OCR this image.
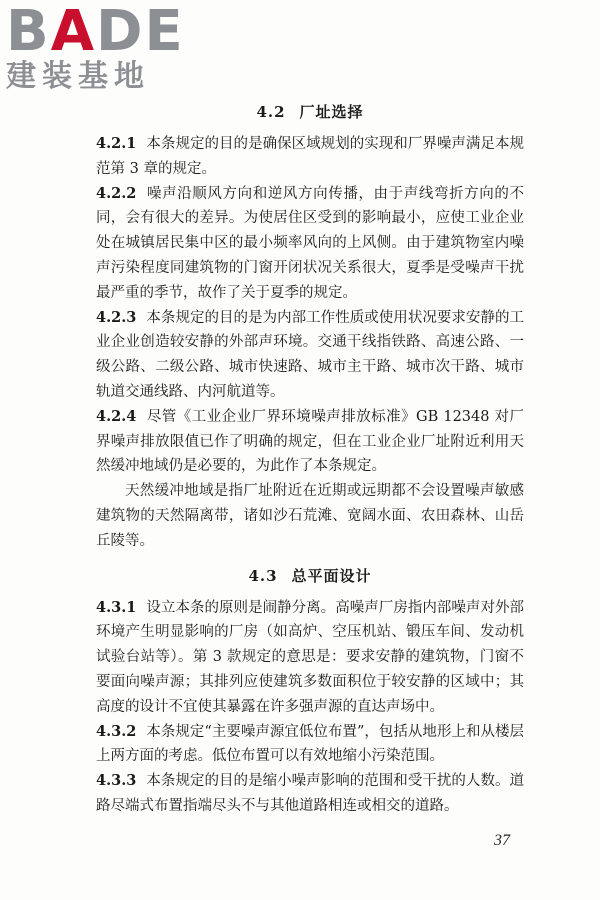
B A D E
建装基地
4.2 厂址选择

4.2.1 本条规定的目的是确保区域规划的实现和厂界噪声满足本规范第 3 章的规定。

4.2.2 噪声沿顺风方向和逆风方向传播，由于声线弯折方向的不同，会有很大的差异。为使居住区受到的影响最小，应使工业企业处在城镇居民集中区的最小频率风向的上风侧。由于建筑物室内噪声污染程度同建筑物的门窗开闭状况关系很大，夏季是受噪声干扰最严重的季节，故作了关于夏季的规定。

4.2.3 本条规定的目的是为内部工作性质或使用状况要求安静的工业企业创造较安静的外部声环境。交通干线指铁路、高速公路、一级公路、二级公路、城市快速路、城市主干路、城市次干路、城市轨道交通线路、内河航道等。

4.2.4 尽管《工业企业厂界环境噪声排放标准》GB 12348 对厂界噪声排放限值已作了明确的规定，但在工业企业厂址附近利用天然缓冲地域仍是必要的，为此作了本条规定。

天然缓冲地域是指厂址附近在近期或远期都不会设置噪声敏感建筑物的天然隔离带，诸如沙石荒滩、宽阔水面、农田森林、山岳丘陵等。

4.3 总平面设计

4.3.1 设立本条的原则是闹静分离。高噪声厂房指内部噪声对外部环境产生明显影响的厂房（如高炉、空压机站、锻压车间、发动机试验台站等）。第 3 款规定的意思是：要求安静的建筑物，门窗不要面向噪声源；其排列应使建筑多数面积位于较安静的区域中；其高度的设计不宜使其暴露在许多强声源的直达声场中。

4.3.2 本条规定“主要噪声源宜低位布置”，包括从地形上和从楼层上两方面的考虑。低位布置可以有效地缩小污染范围。

4.3.3 本条规定的目的是缩小噪声影响的范围和受干扰的人数。道路尽端式布置指端尽头不与其他道路相连或相交的道路。

37
